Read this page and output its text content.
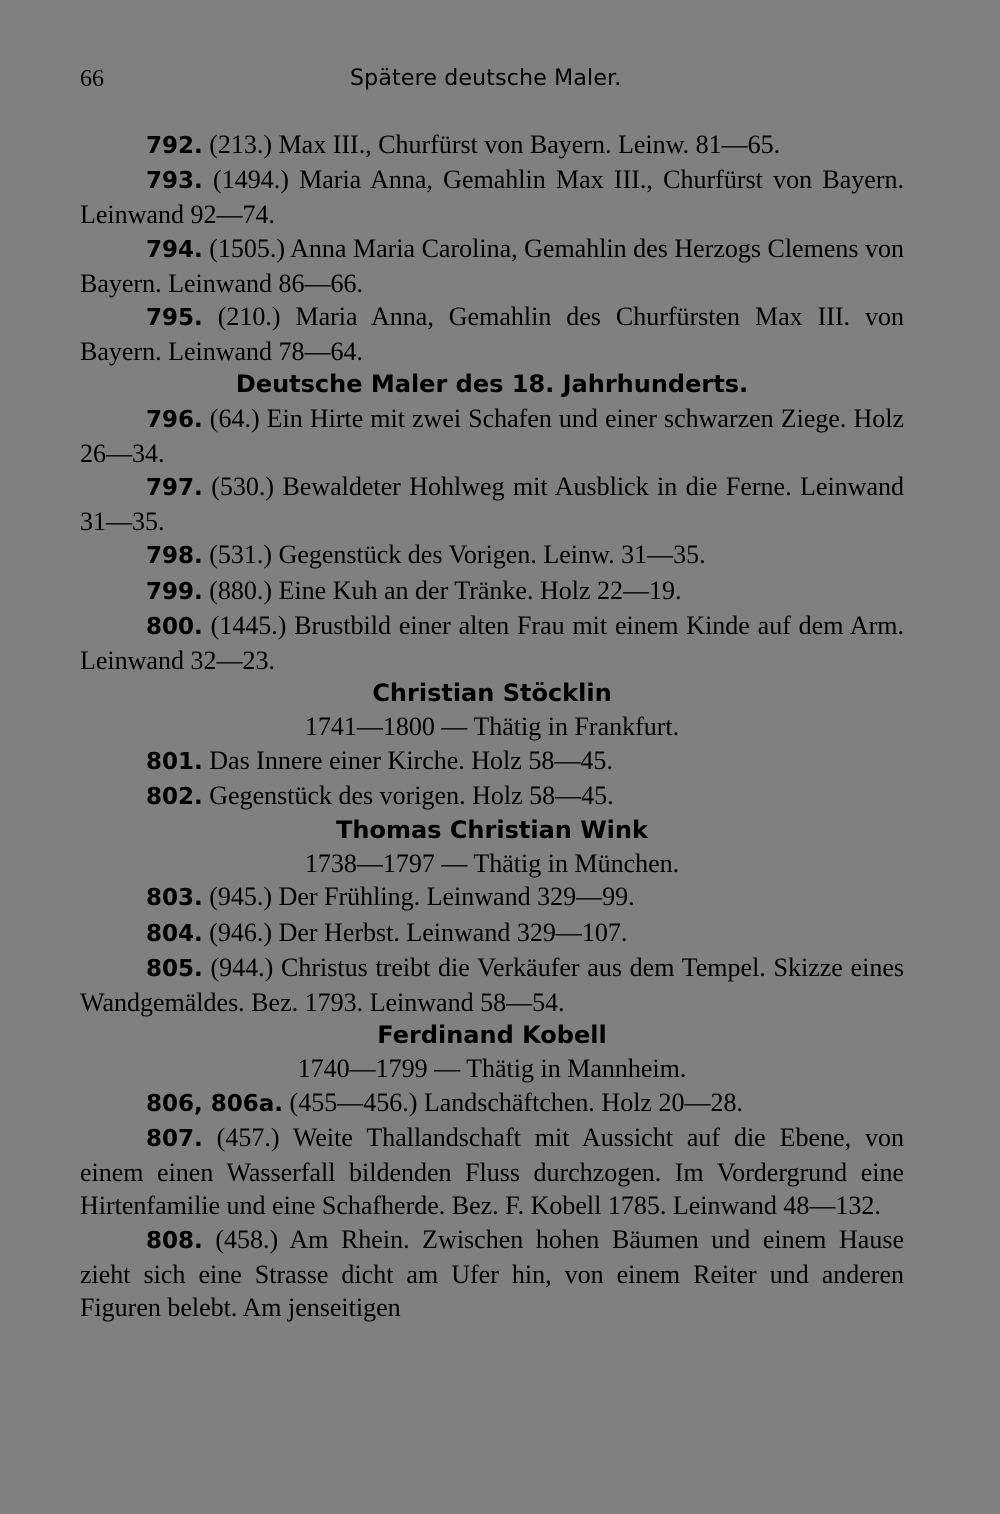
66	Spätere deutsche Maler.

792. (213.) Max III., Churfürst von Bayern. Leinw. 81—65.

793. (1494.) Maria Anna, Gemahlin Max III., Churfürst von Bayern. Leinwand 92—74.

794. (1505.) Anna Maria Carolina, Gemahlin des Herzogs Clemens von Bayern. Leinwand 86—66.

795. (210.) Maria Anna, Gemahlin des Churfürsten Max III. von Bayern. Leinwand 78—64.

Deutsche Maler des 18. Jahrhunderts.

796. (64.) Ein Hirte mit zwei Schafen und einer schwarzen Ziege. Holz 26—34.

797. (530.) Bewaldeter Hohlweg mit Ausblick in die Ferne. Leinwand 31—35.

798. (531.) Gegenstück des Vorigen. Leinw. 31—35.

799. (880.) Eine Kuh an der Tränke. Holz 22—19.

800. (1445.) Brustbild einer alten Frau mit einem Kinde auf dem Arm. Leinwand 32—23.

Christian Stöcklin

1741—1800 — Thätig in Frankfurt.

801. Das Innere einer Kirche. Holz 58—45.

802. Gegenstück des vorigen. Holz 58—45.

Thomas Christian Wink

1738—1797 — Thätig in München.

803. (945.) Der Frühling. Leinwand 329—99.

804. (946.) Der Herbst. Leinwand 329—107.

805. (944.) Christus treibt die Verkäufer aus dem Tempel. Skizze eines Wandgemäldes. Bez. 1793. Leinwand 58—54.

Ferdinand Kobell

1740—1799 — Thätig in Mannheim.

806, 806a. (455—456.) Landschäftchen. Holz 20—28.

807. (457.) Weite Thallandschaft mit Aussicht auf die Ebene, von einem einen Wasserfall bildenden Fluss durchzogen. Im Vordergrund eine Hirtenfamilie und eine Schafherde. Bez. F. Kobell 1785. Leinwand 48—132.

808. (458.) Am Rhein. Zwischen hohen Bäumen und einem Hause zieht sich eine Strasse dicht am Ufer hin, von einem Reiter und anderen Figuren belebt. Am jenseitigen
